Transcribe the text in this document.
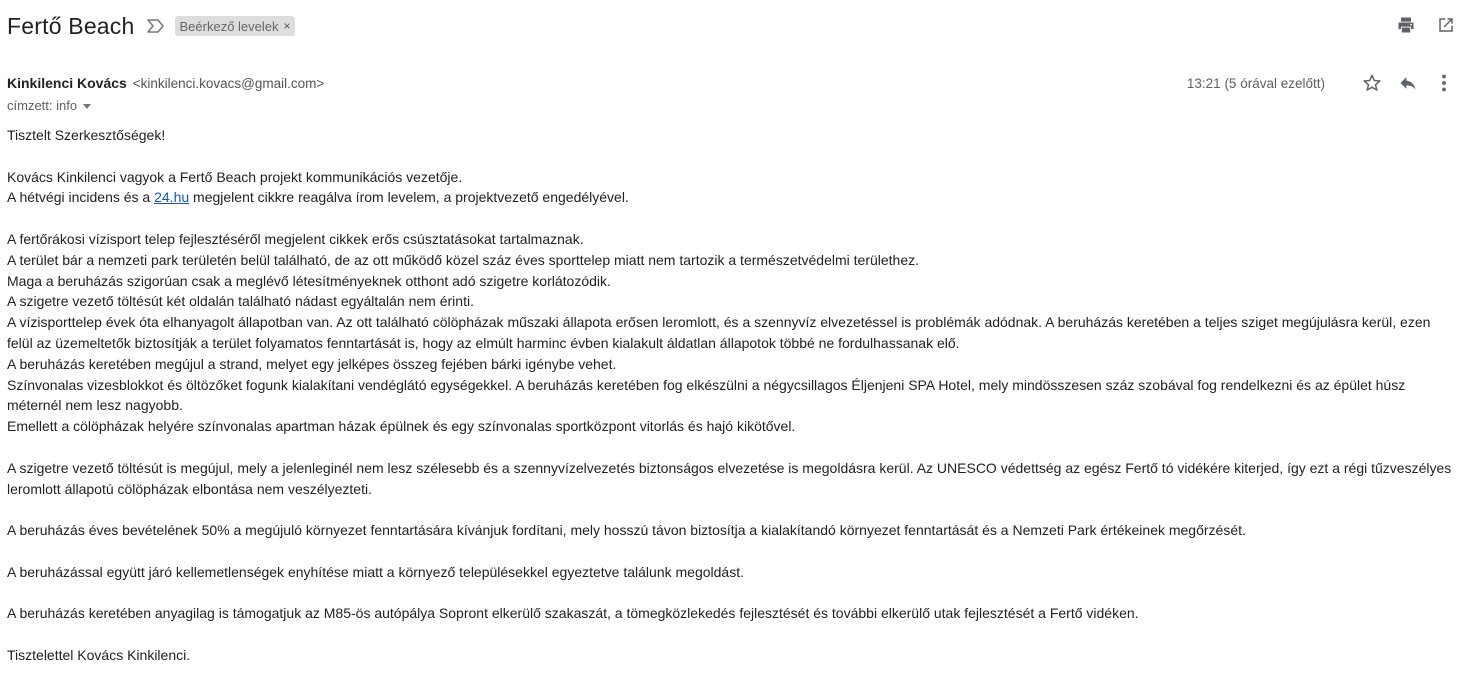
Fertő Beach	Beérkező levelek ×
Kinkilenci Kovács <kinkilenci.kovacs@gmail.com>
címzett: info
13:21 (5 órával ezelőtt)

Tisztelt Szerkesztőségek!

Kovács Kinkilenci vagyok a Fertő Beach projekt kommunikációs vezetője.

A hétvégi incidens és a 24.hu megjelent cikkre reagálva írom levelem, a projektvezető engedélyével.

A fertőrákosi vízisport telep fejlesztéséről megjelent cikkek erős csúsztatásokat tartalmaznak.

A terület bár a nemzeti park területén belül található, de az ott működő közel száz éves sporttelep miatt nem tartozik a természetvédelmi területhez.

Maga a beruházás szigorúan csak a meglévő létesítményeknek otthont adó szigetre korlátozódik.

A szigetre vezető töltésút két oldalán található nádast egyáltalán nem érinti.

A vízisporttelep évek óta elhanyagolt állapotban van. Az ott található cölöpházak műszaki állapota erősen leromlott, és a szennyvíz elvezetéssel is problémák adódnak. A beruházás keretében a teljes sziget megújulásra kerül, ezen felül az üzemeltetők biztosítják a terület folyamatos fenntartását is, hogy az elmúlt harminc évben kialakult áldatlan állapotok többé ne fordulhassanak elő.

A beruházás keretében megújul a strand, melyet egy jelképes összeg fejében bárki igénybe vehet.

Színvonalas vizesblokkot és öltözőket fogunk kialakítani vendéglátó egységekkel. A beruházás keretében fog elkészülni a négycsillagos Éljenjeni SPA Hotel, mely mindösszesen száz szobával fog rendelkezni és az épület húsz méternél nem lesz nagyobb.

Emellett a cölöpházak helyére színvonalas apartman házak épülnek és egy színvonalas sportközpont vitorlás és hajó kikötővel.

A szigetre vezető töltésút is megújul, mely a jelenleginél nem lesz szélesebb és a szennyvízelvezetés biztonságos elvezetése is megoldásra kerül. Az UNESCO védettség az egész Fertő tó vidékére kiterjed, így ezt a régi tűzveszélyes leromlott állapotú cölöpházak elbontása nem veszélyezteti.

A beruházás éves bevételének 50% a megújuló környezet fenntartására kívánjuk fordítani, mely hosszú távon biztosítja a kialakítandó környezet fenntartását és a Nemzeti Park értékeinek megőrzését.

A beruházással együtt járó kellemetlenségek enyhítése miatt a környező településekkel egyeztetve találunk megoldást.

A beruházás keretében anyagilag is támogatjuk az M85-ös autópálya Sopront elkerülő szakaszát, a tömegközlekedés fejlesztését és további elkerülő utak fejlesztését a Fertő vidéken.

Tisztelettel Kovács Kinkilenci.
